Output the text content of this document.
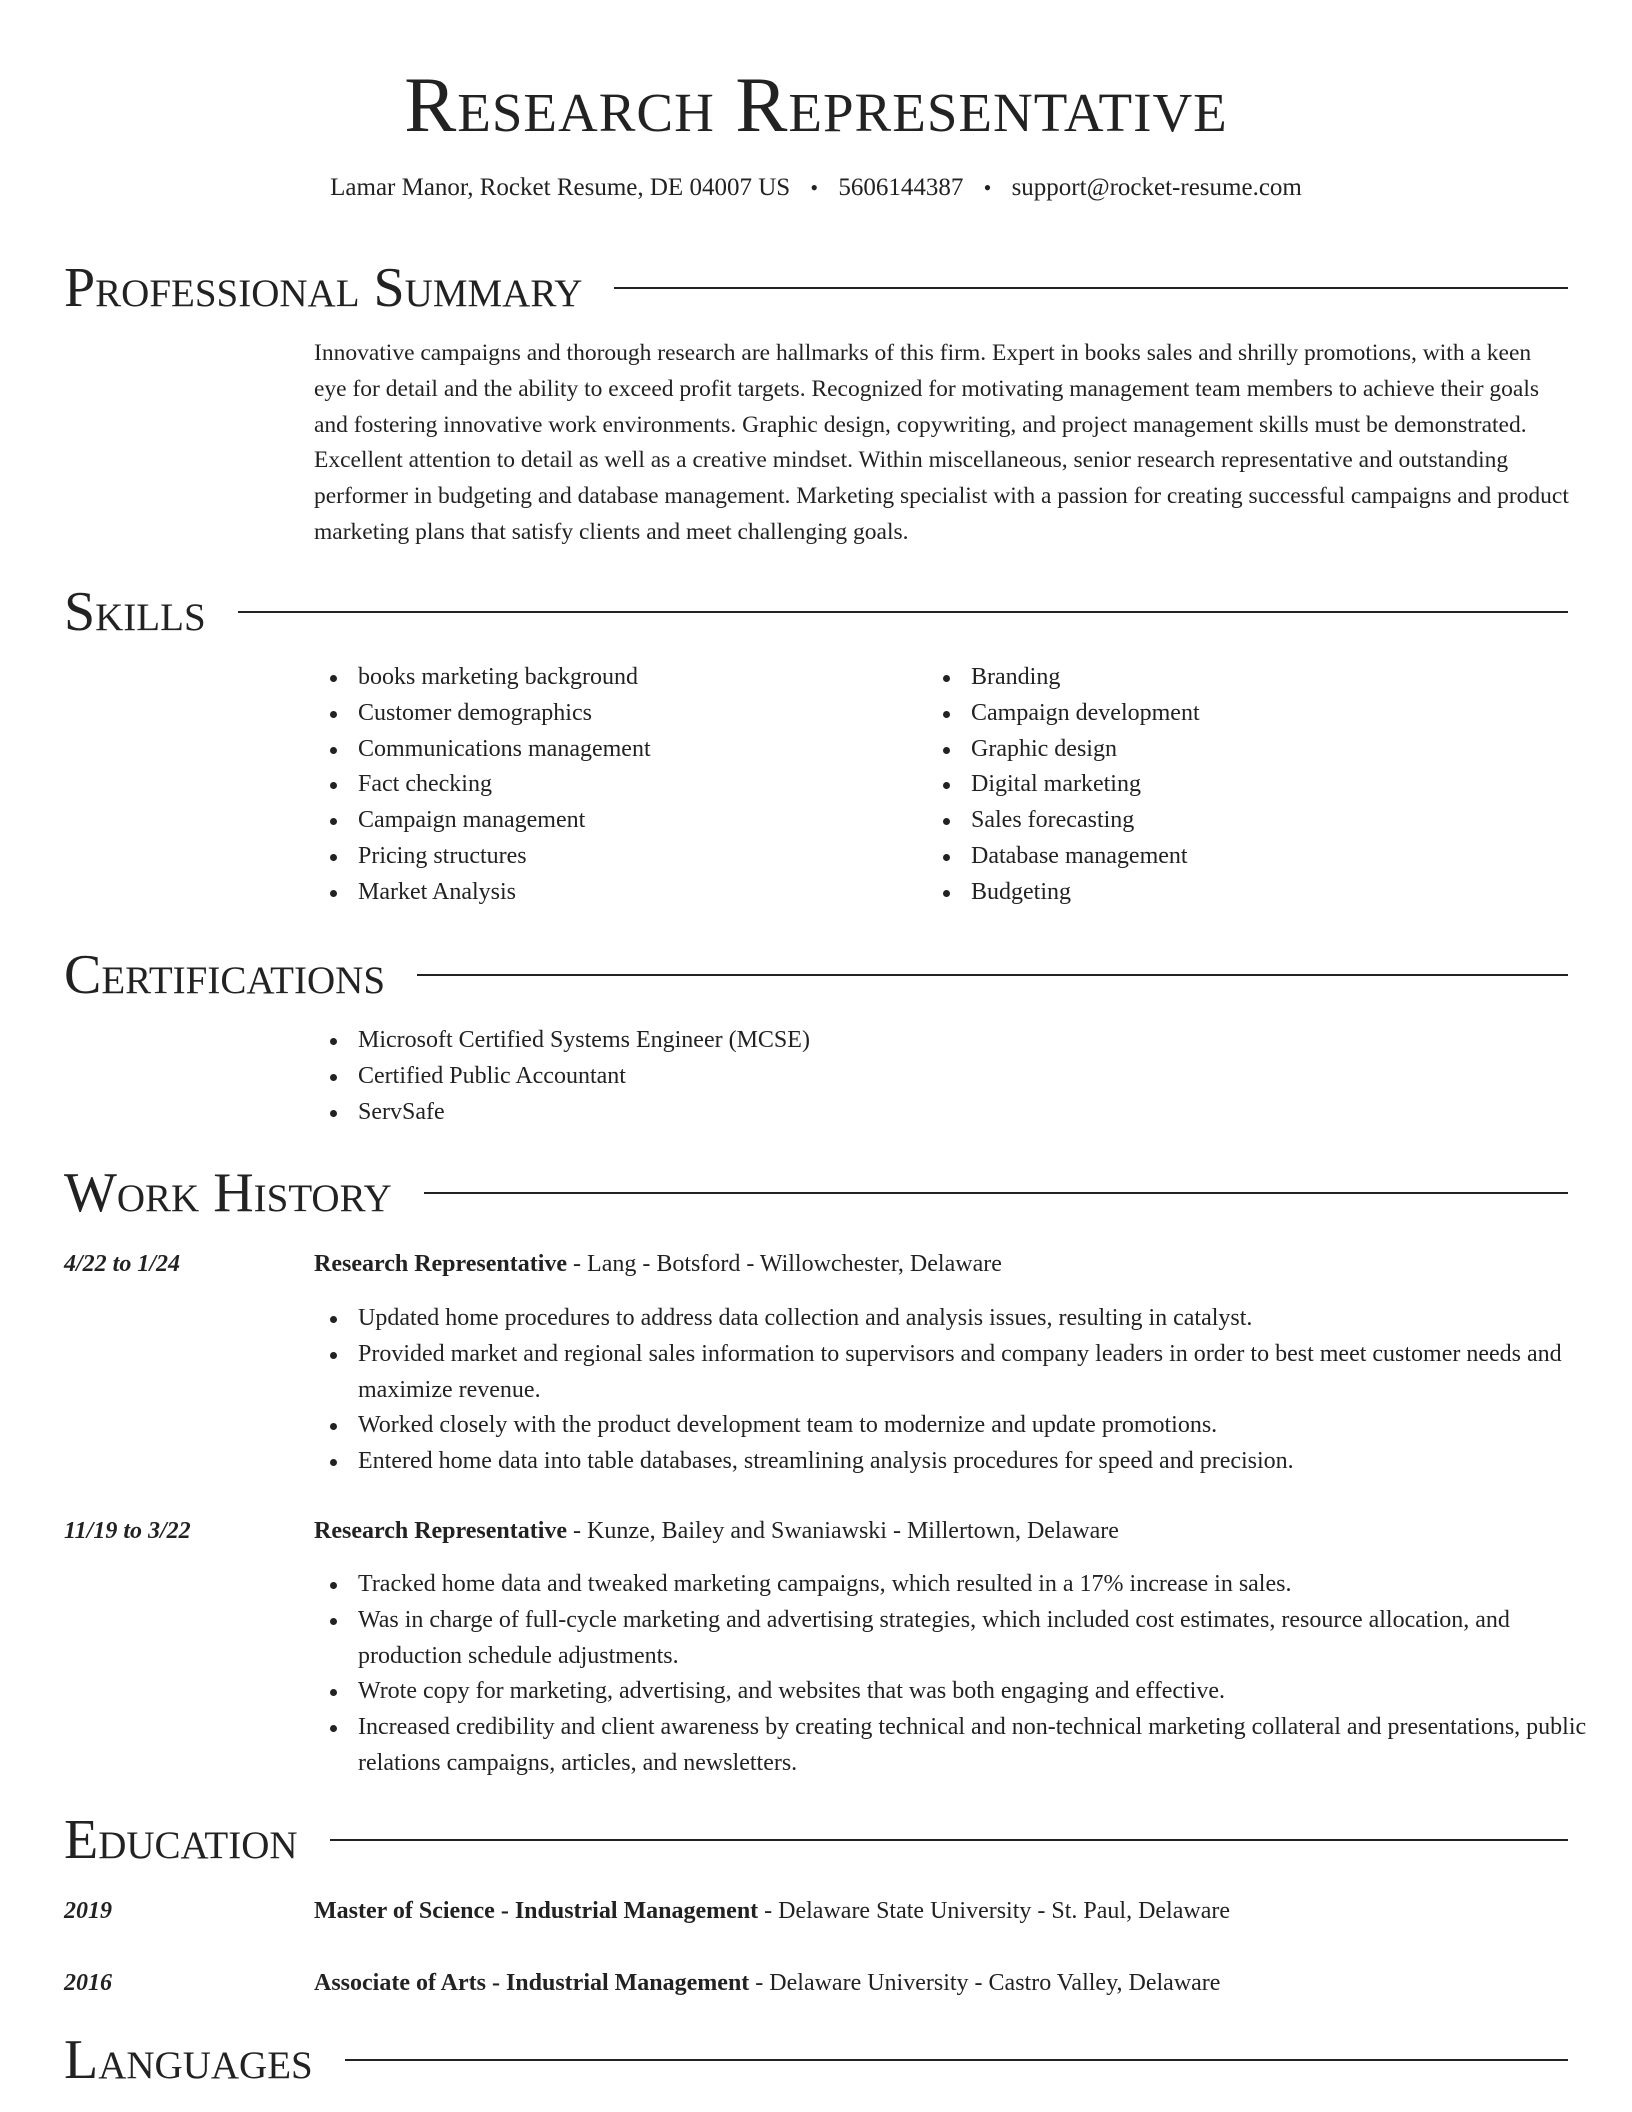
Research Representative
Lamar Manor, Rocket Resume, DE 04007 US • 5606144387 • support@rocket-resume.com
Professional Summary

Innovative campaigns and thorough research are hallmarks of this firm. Expert in books sales and shrilly promotions, with a keen eye for detail and the ability to exceed profit targets. Recognized for motivating management team members to achieve their goals and fostering innovative work environments. Graphic design, copywriting, and project management skills must be demonstrated. Excellent attention to detail as well as a creative mindset. Within miscellaneous, senior research representative and outstanding performer in budgeting and database management. Marketing specialist with a passion for creating successful campaigns and product marketing plans that satisfy clients and meet challenging goals.

Skills
books marketing background
Customer demographics
Communications management
Fact checking
Campaign management
Pricing structures
Market Analysis
Branding
Campaign development
Graphic design
Digital marketing
Sales forecasting
Database management
Budgeting
Certifications
Microsoft Certified Systems Engineer (MCSE)
Certified Public Accountant
ServSafe
Work History
4/22 to 1/24	Research Representative - Lang - Botsford - Willowchester, Delaware
Updated home procedures to address data collection and analysis issues, resulting in catalyst.
Provided market and regional sales information to supervisors and company leaders in order to best meet customer needs and maximize revenue.
Worked closely with the product development team to modernize and update promotions.
Entered home data into table databases, streamlining analysis procedures for speed and precision.
11/19 to 3/22	Research Representative - Kunze, Bailey and Swaniawski - Millertown, Delaware
Tracked home data and tweaked marketing campaigns, which resulted in a 17% increase in sales.
Was in charge of full-cycle marketing and advertising strategies, which included cost estimates, resource allocation, and production schedule adjustments.
Wrote copy for marketing, advertising, and websites that was both engaging and effective.
Increased credibility and client awareness by creating technical and non-technical marketing collateral and presentations, public relations campaigns, articles, and newsletters.
Education
2019	Master of Science - Industrial Management - Delaware State University - St. Paul, Delaware
2016	Associate of Arts - Industrial Management - Delaware University - Castro Valley, Delaware
Languages
